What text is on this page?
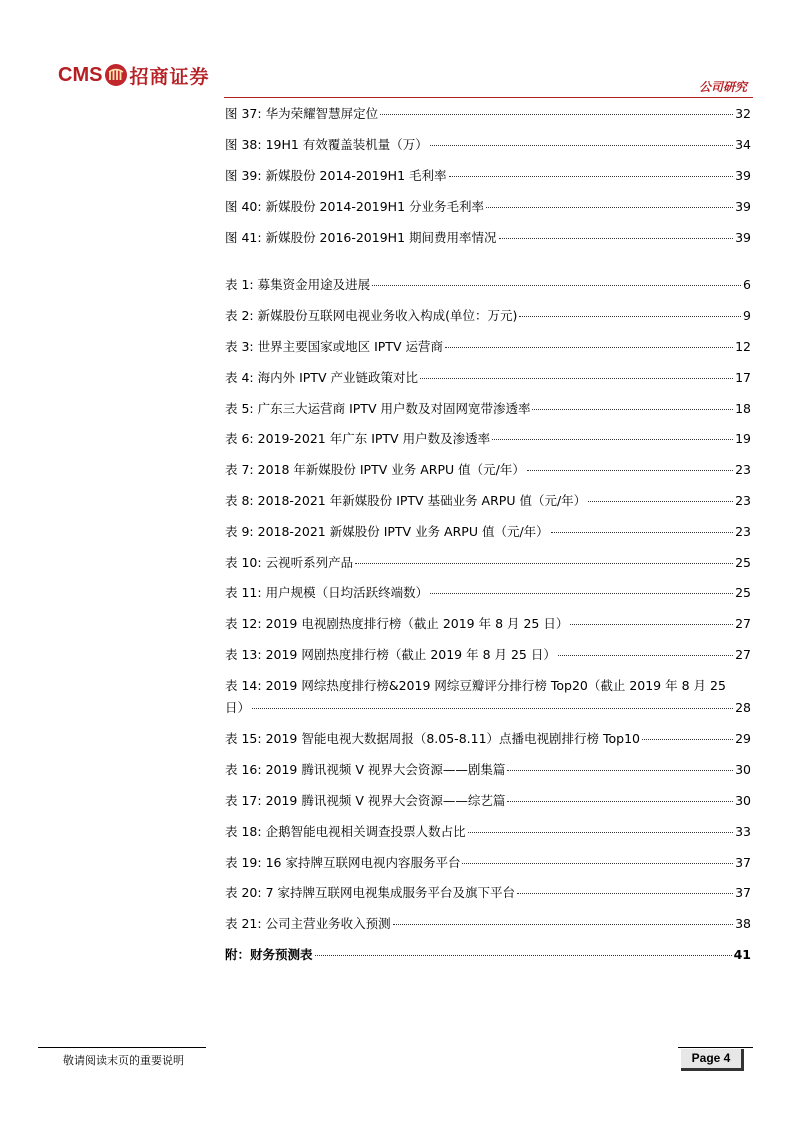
CMS 招商证券	公司研究
图 37: 华为荣耀智慧屏定位	32
图 38: 19H1 有效覆盖装机量（万）	34
图 39: 新媒股份 2014-2019H1 毛利率	39
图 40: 新媒股份 2014-2019H1 分业务毛利率	39
图 41: 新媒股份 2016-2019H1 期间费用率情况	39
表 1: 募集资金用途及进展	6
表 2: 新媒股份互联网电视业务收入构成(单位：万元)	9
表 3: 世界主要国家或地区 IPTV 运营商	12
表 4: 海内外 IPTV 产业链政策对比	17
表 5: 广东三大运营商 IPTV 用户数及对固网宽带渗透率	18
表 6: 2019-2021 年广东 IPTV 用户数及渗透率	19
表 7: 2018 年新媒股份 IPTV 业务 ARPU 值（元/年）	23
表 8: 2018-2021 年新媒股份 IPTV 基础业务 ARPU 值（元/年）	23
表 9: 2018-2021 新媒股份 IPTV 业务 ARPU 值（元/年）	23
表 10: 云视听系列产品	25
表 11: 用户规模（日均活跃终端数）	25
表 12: 2019 电视剧热度排行榜（截止 2019 年 8 月 25 日）	27
表 13: 2019 网剧热度排行榜（截止 2019 年 8 月 25 日）	27
表 14: 2019 网综热度排行榜&2019 网综豆瓣评分排行榜 Top20（截止 2019 年 8 月 25
日）	28
表 15: 2019 智能电视大数据周报（8.05-8.11）点播电视剧排行榜 Top10	29
表 16: 2019 腾讯视频 V 视界大会资源——剧集篇	30
表 17: 2019 腾讯视频 V 视界大会资源——综艺篇	30
表 18: 企鹅智能电视相关调查投票人数占比	33
表 19: 16 家持牌互联网电视内容服务平台	37
表 20: 7 家持牌互联网电视集成服务平台及旗下平台	37
表 21: 公司主营业务收入预测	38
附：财务预测表	41
敬请阅读末页的重要说明	Page 4
